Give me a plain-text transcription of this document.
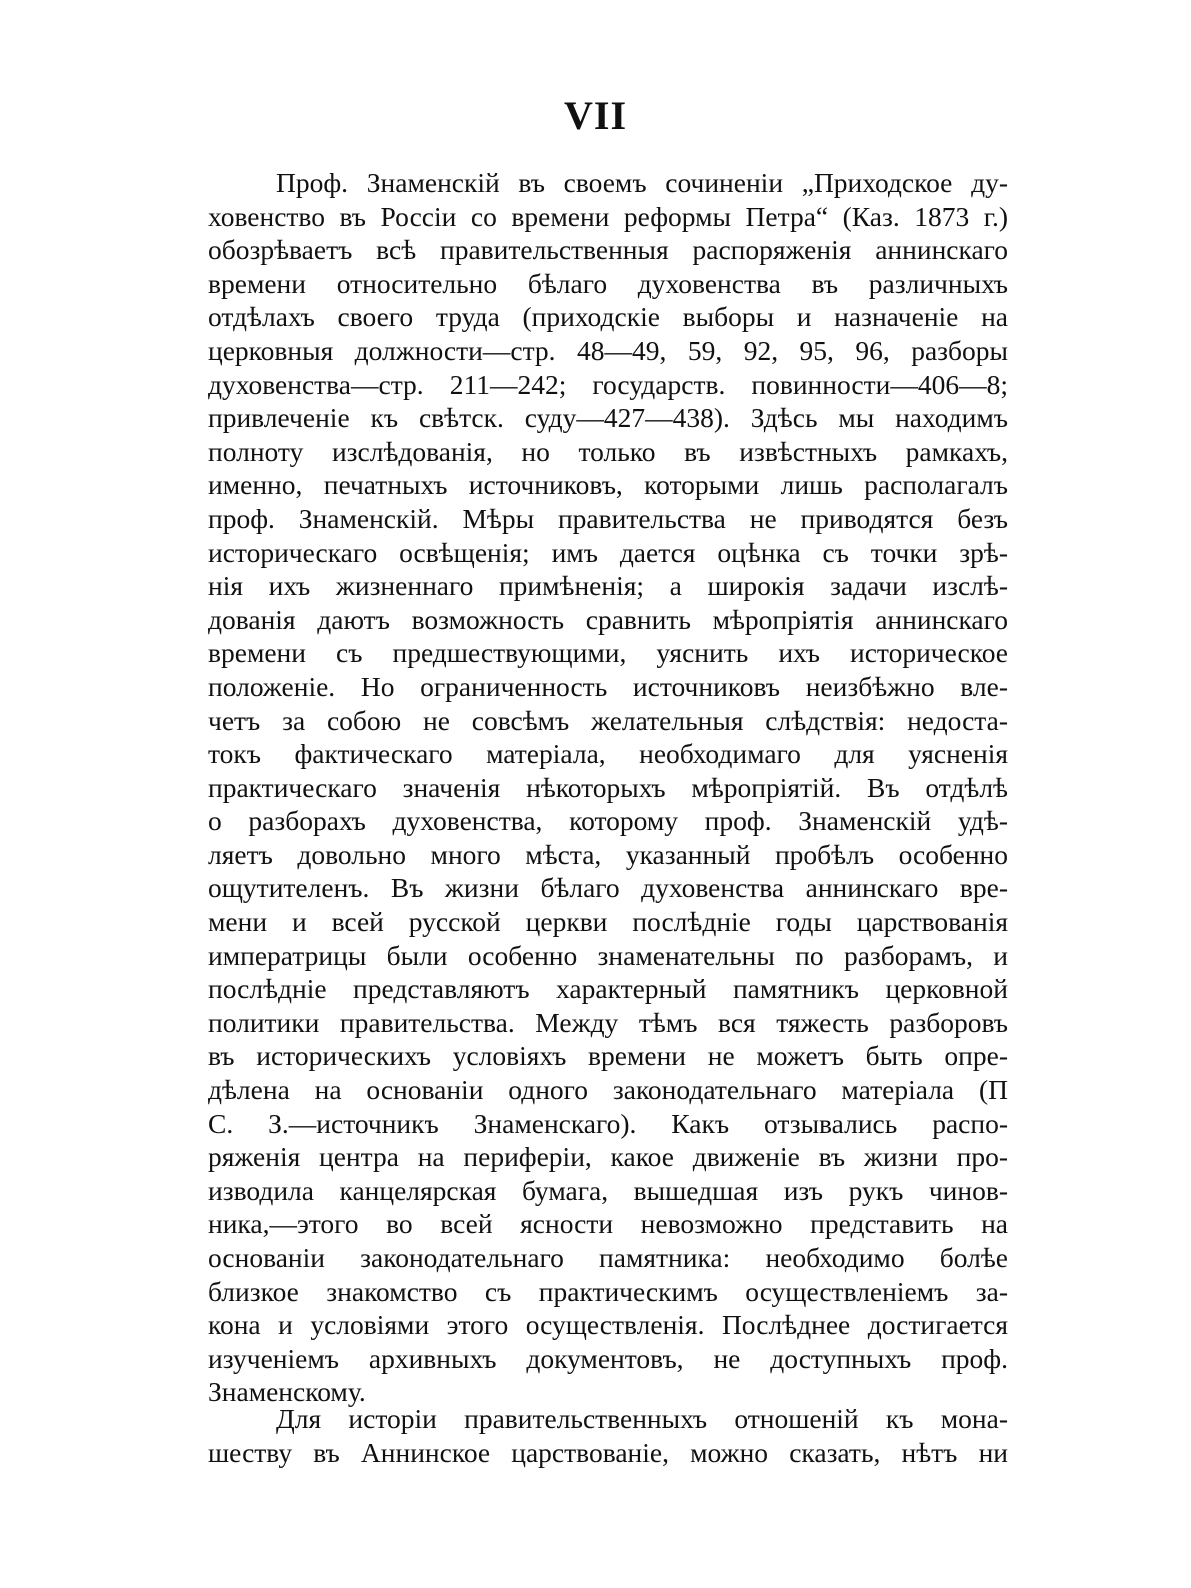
VII
Проф. Знаменскій въ своемъ сочиненіи „Приходское ду-
ховенство въ Россіи со времени реформы Петра“ (Каз. 1873 г.)
обозрѣваетъ всѣ правительственныя распоряженія аннинскаго
времени относительно бѣлаго духовенства въ различныхъ
отдѣлахъ своего труда (приходскіе выборы и назначеніе на
церковныя должности—стр. 48—49, 59, 92, 95, 96, разборы
духовенства—стр. 211—242; государств. повинности—406—8;
привлеченіе къ свѣтск. суду—427—438). Здѣсь мы находимъ
полноту изслѣдованія, но только въ извѣстныхъ рамкахъ,
именно, печатныхъ источниковъ, которыми лишь располагалъ
проф. Знаменскій. Мѣры правительства не приводятся безъ
историческаго освѣщенія; имъ дается оцѣнка съ точки зрѣ-
нія ихъ жизненнаго примѣненія; а широкія задачи изслѣ-
дованія даютъ возможность сравнить мѣропріятія аннинскаго
времени съ предшествующими, уяснить ихъ историческое
положеніе. Но ограниченность источниковъ неизбѣжно вле-
четъ за собою не совсѣмъ желательныя слѣдствія: недоста-
токъ фактическаго матеріала, необходимаго для уясненія
практическаго значенія нѣкоторыхъ мѣропріятій. Въ отдѣлѣ
о разборахъ духовенства, которому проф. Знаменскій удѣ-
ляетъ довольно много мѣста, указанный пробѣлъ особенно
ощутителенъ. Въ жизни бѣлаго духовенства аннинскаго вре-
мени и всей русской церкви послѣдніе годы царствованія
императрицы были особенно знаменательны по разборамъ, и
послѣдніе представляютъ характерный памятникъ церковной
политики правительства. Между тѣмъ вся тяжесть разборовъ
въ историческихъ условіяхъ времени не можетъ быть опре-
дѣлена на основаніи одного законодательнаго матеріала (П
С. З.—источникъ Знаменскаго). Какъ отзывались распо-
ряженія центра на периферіи, какое движеніе въ жизни про-
изводила канцелярская бумага, вышедшая изъ рукъ чинов-
ника,—этого во всей ясности невозможно представить на
основаніи законодательнаго памятника: необходимо болѣе
близкое знакомство съ практическимъ осуществленіемъ за-
кона и условіями этого осуществленія. Послѣднее достигается
изученіемъ архивныхъ документовъ, не доступныхъ проф.
Знаменскому.
Для исторіи правительственныхъ отношеній къ мона-
шеству въ Аннинское царствованіе, можно сказать, нѣтъ ни
